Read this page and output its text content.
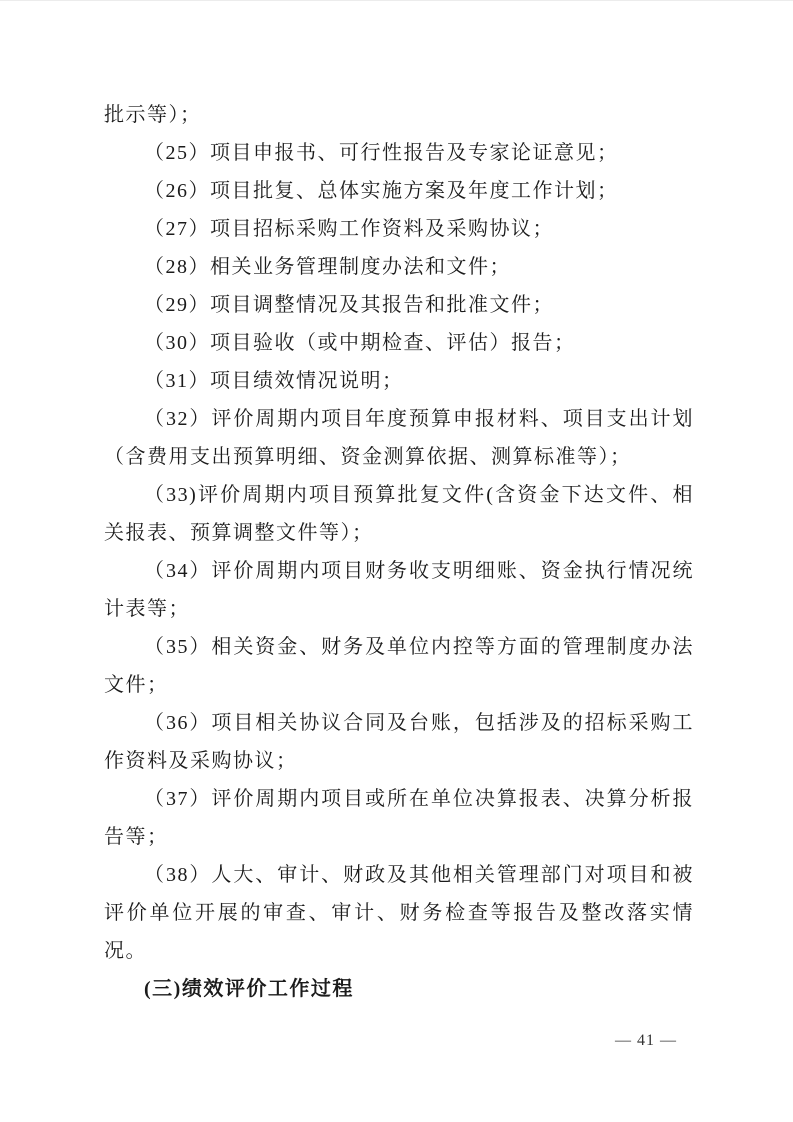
批示等）；

（25）项目申报书、可行性报告及专家论证意见；

（26）项目批复、总体实施方案及年度工作计划；

（27）项目招标采购工作资料及采购协议；

（28）相关业务管理制度办法和文件；

（29）项目调整情况及其报告和批准文件；

（30）项目验收（或中期检查、评估）报告；

（31）项目绩效情况说明；

（32）评价周期内项目年度预算申报材料、项目支出计划（含费用支出预算明细、资金测算依据、测算标准等）；

（33)评价周期内项目预算批复文件(含资金下达文件、相关报表、预算调整文件等）；

（34）评价周期内项目财务收支明细账、资金执行情况统计表等；

（35）相关资金、财务及单位内控等方面的管理制度办法文件；

（36）项目相关协议合同及台账，包括涉及的招标采购工作资料及采购协议；

（37）评价周期内项目或所在单位决算报表、决算分析报告等；

（38）人大、审计、财政及其他相关管理部门对项目和被评价单位开展的审查、审计、财务检查等报告及整改落实情况。

(三)绩效评价工作过程

— 41 —
